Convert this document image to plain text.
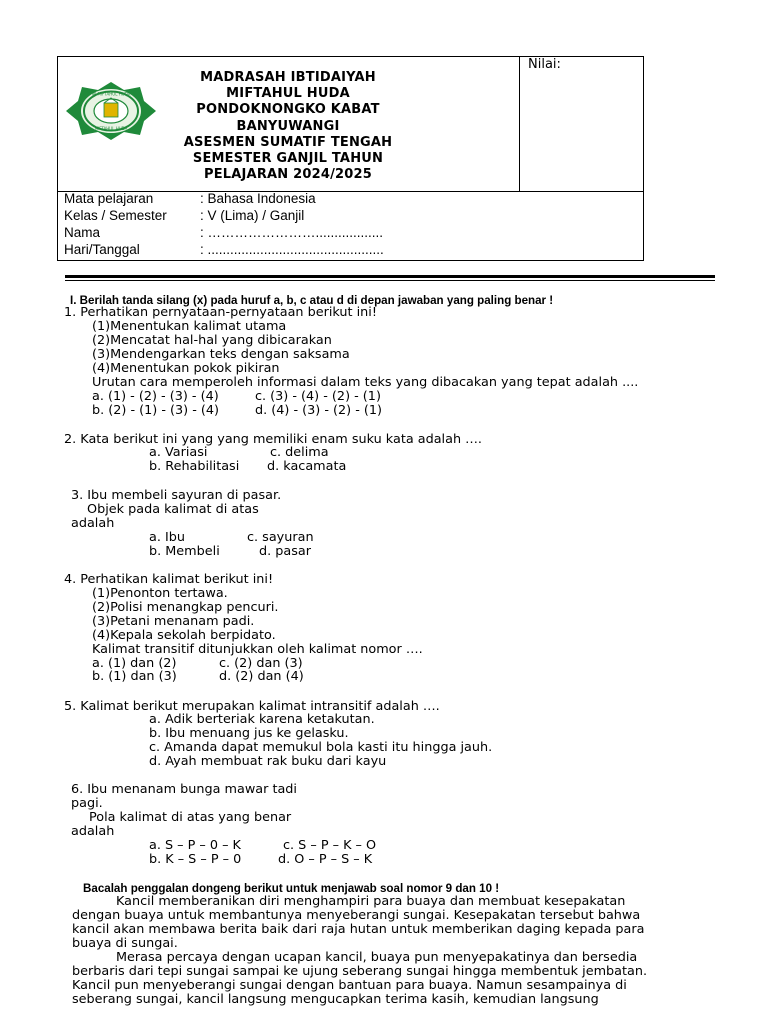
MI MIFTAHUL HUDA
MIFTAHUL HUDA
MADRASAH IBTIDAIYAH
MIFTAHUL HUDA
PONDOKNONGKO KABAT
BANYUWANGI
ASESMEN SUMATIF TENGAH
SEMESTER GANJIL TAHUN
PELAJARAN 2024/2025
Nilai:
Mata pelajaran	: Bahasa Indonesia
Kelas / Semester : V (Lima) / Ganjil
Nama	: ……………………..................
Hari/Tanggal	: ...............................................
I. Berilah tanda silang (x) pada huruf a, b, c atau d di depan jawaban yang paling benar !
1. Perhatikan pernyataan-pernyataan berikut ini!
(1)Menentukan kalimat utama
(2)Mencatat hal-hal yang dibicarakan
(3)Mendengarkan teks dengan saksama
(4)Menentukan pokok pikiran
Urutan cara memperoleh informasi dalam teks yang dibacakan yang tepat adalah ....
a. (1) - (2) - (3) - (4)	c. (3) - (4) - (2) - (1)
b. (2) - (1) - (3) - (4)	d. (4) - (3) - (2) - (1)
2. Kata berikut ini yang yang memiliki enam suku kata adalah ….
a. Variasi	c. delima
b. Rehabilitasi d. kacamata
3. Ibu membeli sayuran di pasar.
Objek pada kalimat di atas
adalah
a. Ibu	c. sayuran
b. Membeli	d. pasar
4. Perhatikan kalimat berikut ini!
(1)Penonton tertawa.
(2)Polisi menangkap pencuri.
(3)Petani menanam padi.
(4)Kepala sekolah berpidato.
Kalimat transitif ditunjukkan oleh kalimat nomor ….
a. (1) dan (2)	c. (2) dan (3)
b. (1) dan (3)	d. (2) dan (4)
5. Kalimat berikut merupakan kalimat intransitif adalah ….
a. Adik berteriak karena ketakutan.
b. Ibu menuang jus ke gelasku.
c. Amanda dapat memukul bola kasti itu hingga jauh.
d. Ayah membuat rak buku dari kayu
6. Ibu menanam bunga mawar tadi
pagi.
Pola kalimat di atas yang benar
adalah
a. S – P – 0 – K	c. S – P – K – O
b. K – S – P – 0	d. O – P – S – K
Bacalah penggalan dongeng berikut untuk menjawab soal nomor 9 dan 10 !
Kancil memberanikan diri menghampiri para buaya dan membuat kesepakatan
dengan buaya untuk membantunya menyeberangi sungai. Kesepakatan tersebut bahwa
kancil akan membawa berita baik dari raja hutan untuk memberikan daging kepada para
buaya di sungai.
Merasa percaya dengan ucapan kancil, buaya pun menyepakatinya dan bersedia
berbaris dari tepi sungai sampai ke ujung seberang sungai hingga membentuk jembatan.
Kancil pun menyeberangi sungai dengan bantuan para buaya. Namun sesampainya di
seberang sungai, kancil langsung mengucapkan terima kasih, kemudian langsung
